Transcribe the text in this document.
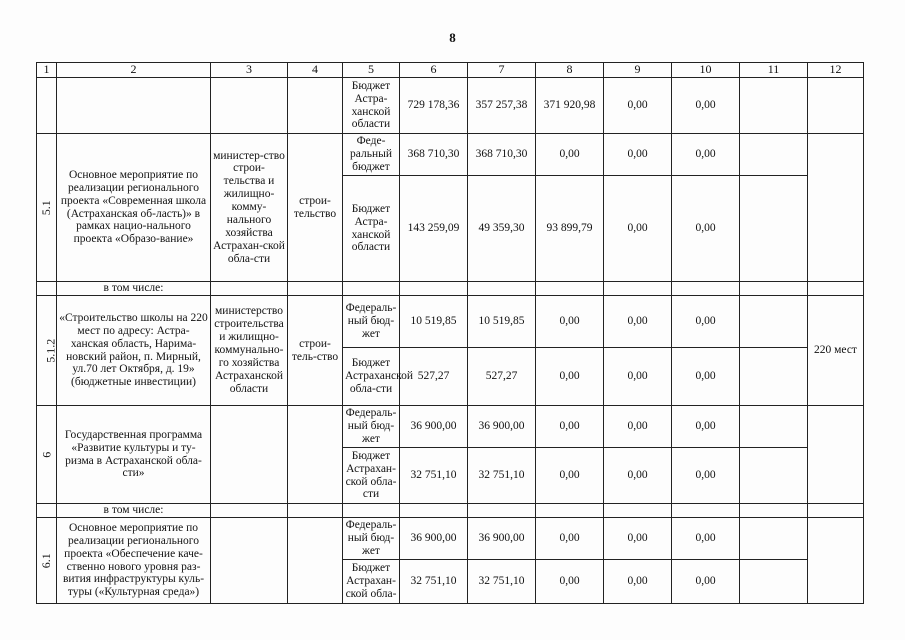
8
1	2	3	4	5	6	7	8	9	10	11	12
				Бюджет Астра-ханской области	729 178,36	357 257,38	371 920,98	0,00	0,00		
5.1	Основное мероприятие по реализации регионального проекта «Современная школа (Астраханская об-ласть)» в рамках нацио-нального проекта «Образо-вание»	министер-ство строи-тельства и жилищно-комму-нального хозяйства Астрахан-ской обла-сти	строи-тельство	Феде-ральный бюджет	368 710,30	368 710,30	0,00	0,00	0,00		
				Бюджет Астра-ханской области	143 259,09	49 359,30	93 899,79	0,00	0,00		
	в том числе:										
5.1.2	«Строительство школы на 220 мест по адресу: Астра-ханская область, Нарима-новский район, п. Мирный, ул.70 лет Октября, д. 19» (бюджетные инвестиции)	министерство строительства и жилищно-коммунально-го хозяйства Астраханской области	строи-тель-ство	Федераль-ный бюд-жет	10 519,85	10 519,85	0,00	0,00	0,00		220 мест
				Бюджет Астраханской обла-сти	527,27	527,27	0,00	0,00	0,00		
6	Государственная программа «Развитие культуры и ту-ризма в Астраханской обла-сти»			Федераль-ный бюд-жет	36 900,00	36 900,00	0,00	0,00	0,00		
				Бюджет Астрахан-ской обла-сти	32 751,10	32 751,10	0,00	0,00	0,00		
	в том числе:										
6.1	Основное мероприятие по реализации регионального проекта «Обеспечение каче-ственно нового уровня раз-вития инфраструктуры куль-туры («Культурная среда»)			Федераль-ный бюд-жет	36 900,00	36 900,00	0,00	0,00	0,00		
				Бюджет Астрахан-ской обла-	32 751,10	32 751,10	0,00	0,00	0,00		
